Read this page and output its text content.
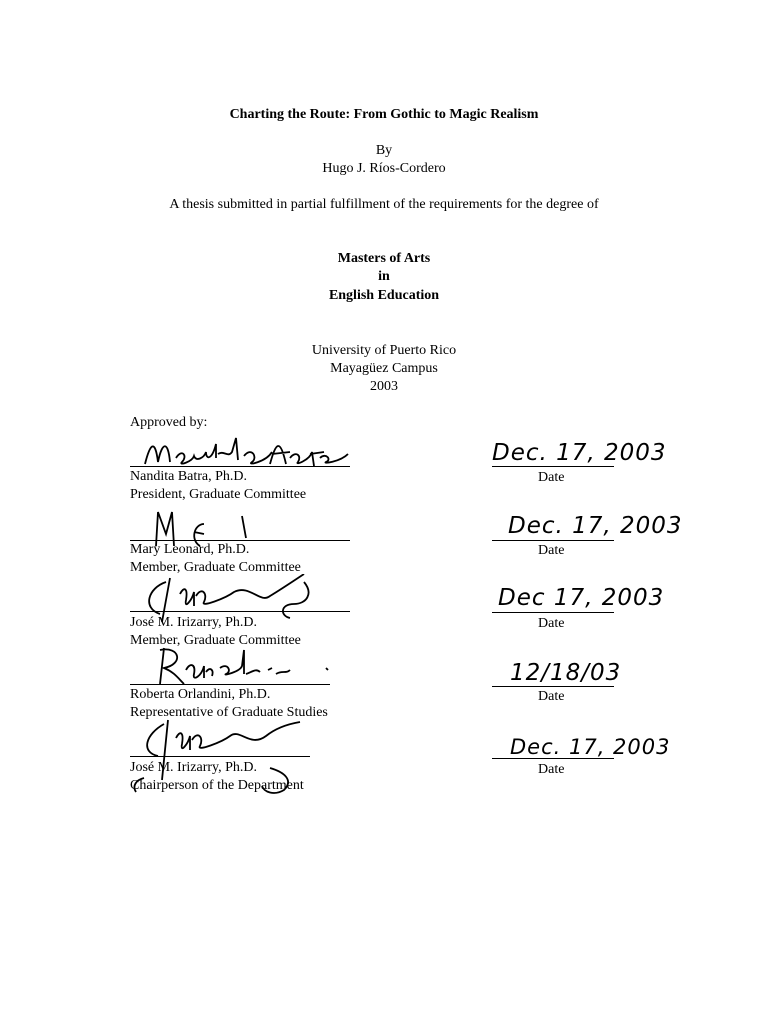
Charting the Route: From Gothic to Magic Realism
By
Hugo J. Ríos-Cordero
A thesis submitted in partial fulfillment of the requirements for the degree of
Masters of Arts
in
English Education
University of Puerto Rico
Mayagüez Campus
2003
Approved by:
Nandita Batra, Ph.D.
President, Graduate Committee
Dec. 17, 2003
Date
Mary Leonard, Ph.D.
Member, Graduate Committee
Dec. 17, 2003
Date
José M. Irizarry, Ph.D.
Member, Graduate Committee
Dec 17, 2003
Date
Roberta Orlandini, Ph.D.
Representative of Graduate Studies
12/18/03
Date
José M. Irizarry, Ph.D.
Chairperson of the Department
Dec. 17, 2003
Date
